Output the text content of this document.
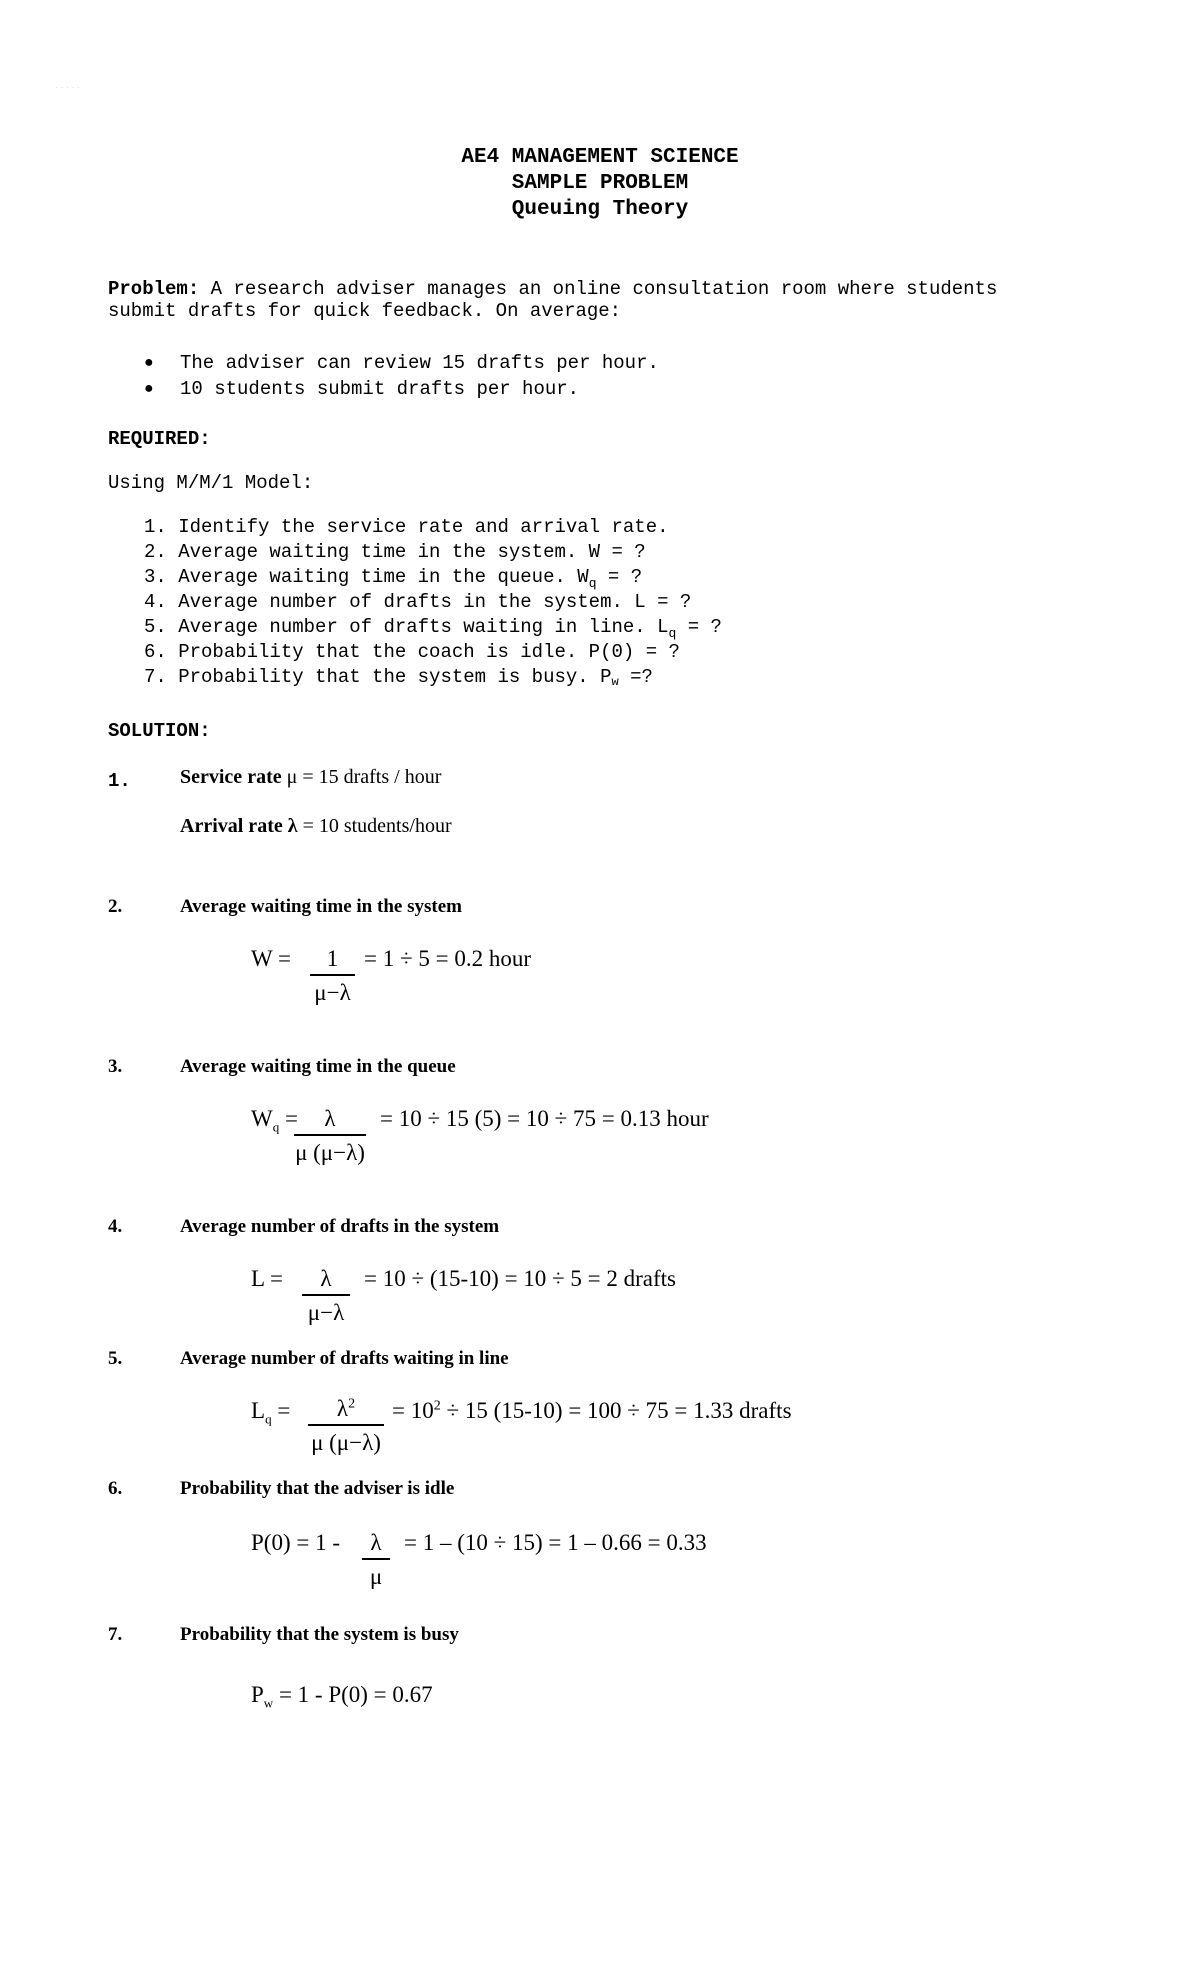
· · · · ·
AE4 MANAGEMENT SCIENCE
SAMPLE PROBLEM
Queuing Theory
Problem: A research adviser manages an online consultation room where students
submit drafts for quick feedback. On average:
● The adviser can review 15 drafts per hour.
● 10 students submit drafts per hour.
REQUIRED:
Using M/M/1 Model:
1. Identify the service rate and arrival rate.
2. Average waiting time in the system. W = ?
3. Average waiting time in the queue. $W_q$ = ?
4. Average number of drafts in the system. L = ?
5. Average number of drafts waiting in line. $L_q$ = ?
6. Probability that the coach is idle. P(0) = ?
7. Probability that the system is busy. $P_w$ =?
SOLUTION:
1. Service rate μ = 15 drafts / hour
Arrival rate λ = 10 students/hour
2.	Average waiting time in the system
W =	1
μ−λ
= 1 ÷ 5 = 0.2 hour
3.	Average waiting time in the queue
$W_q$ =	λ
μ (μ−λ)
= 10 ÷ 15 (5) = 10 ÷ 75 = 0.13 hour
4.	Average number of drafts in the system
L =	λ
μ−λ
= 10 ÷ (15-10) = 10 ÷ 5 = 2 drafts
5.	Average number of drafts waiting in line
$L_q$ =	$\lambda^2$
μ (μ−λ)
= $10^2 \div 15$ (15-10) = 100 ÷ 75 = 1.33 drafts
6.	Probability that the adviser is idle
P(0) = 1 -	λ
μ
= 1 – (10 ÷ 15) = 1 – 0.66 = 0.33
7.	Probability that the system is busy
$P_w = 1 - P(0) = 0.67$
